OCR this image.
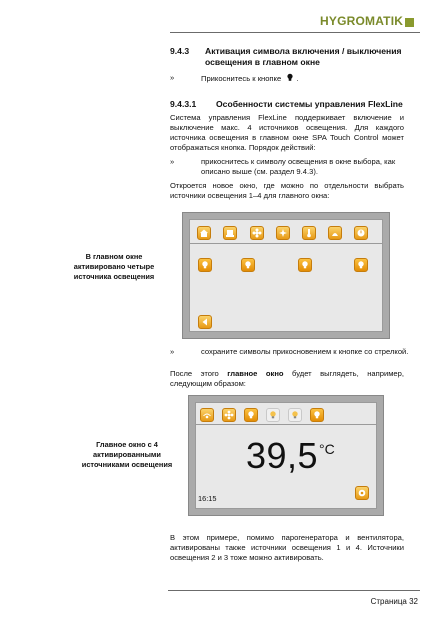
HYGROMATIK
9.4.3 Активация символа включения / выключения освещения в главном окне
»	Прикоснитесь к кнопке .
9.4.3.1 Особенности системы управления FlexLine
Система управления FlexLine поддерживает включение и выключение макс. 4 источников освещения. Для каждого источника освещения в главном окне SPA Touch Control может отображаться кнопка. Порядок действий:
»	прикоснитесь к символу освещения в окне выбора, как описано выше (см. раздел 9.4.3).
Откроется новое окно, где можно по отдельности выбрать источники освещения 1–4 для главного окна:
В главном окне активировано четыре источника освещения
»	сохраните символы прикосновением к кнопке со стрелкой.
После этого главное окно будет выглядеть, например, следующим образом:
Главное окно с 4 активированными источниками освещения 39,5 °C
16:15
В этом примере, помимо парогенератора и вентилятора, активированы также источники освещения 1 и 4. Источники освещения 2 и 3 тоже можно активировать.
Страница 32
